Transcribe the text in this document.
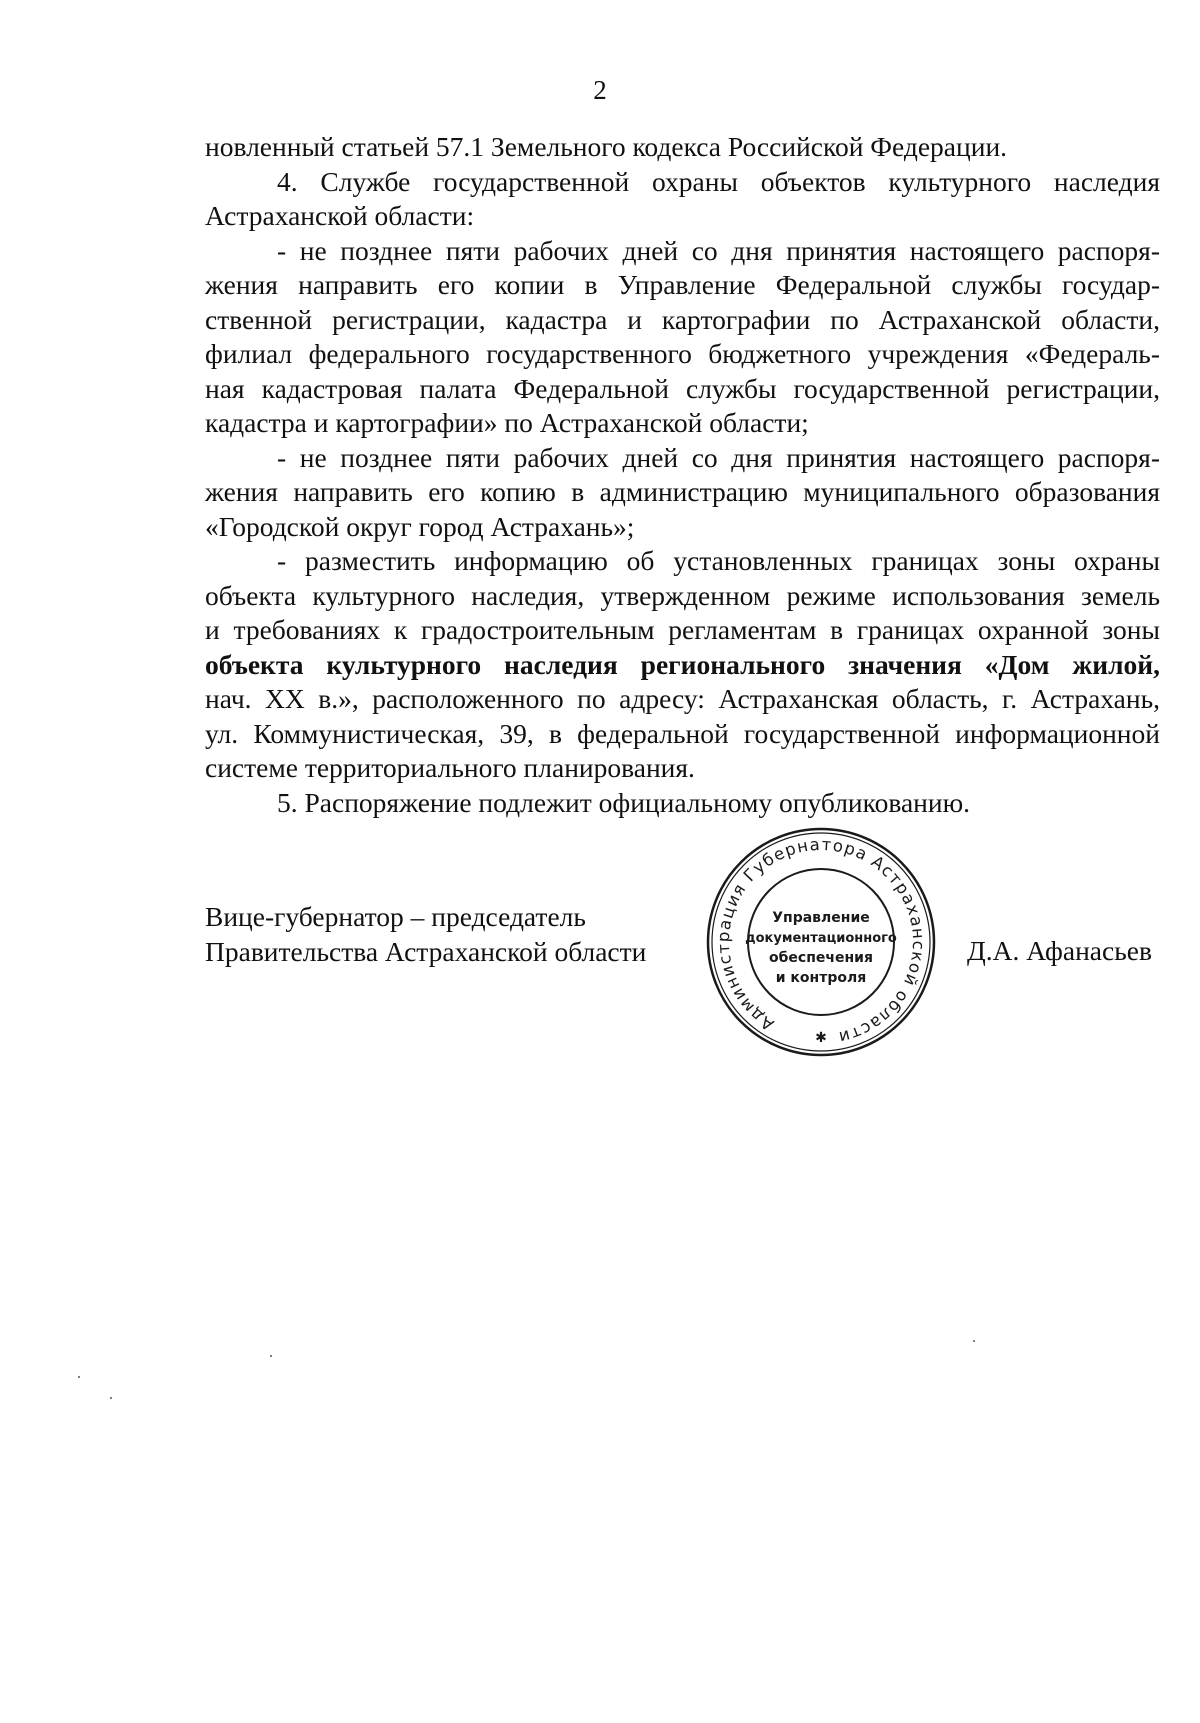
2
новленный статьей 57.1 Земельного кодекса Российской Федерации.
4. Службе государственной охраны объектов культурного наследия
Астраханской области:
- не позднее пяти рабочих дней со дня принятия настоящего распоря-
жения направить его копии в Управление Федеральной службы государ-
ственной регистрации, кадастра и картографии по Астраханской области,
филиал федерального государственного бюджетного учреждения «Федераль-
ная кадастровая палата Федеральной службы государственной регистрации,
кадастра и картографии» по Астраханской области;
- не позднее пяти рабочих дней со дня принятия настоящего распоря-
жения направить его копию в администрацию муниципального образования
«Городской округ город Астрахань»;
- разместить информацию об установленных границах зоны охраны
объекта культурного наследия, утвержденном режиме использования земель
и требованиях к градостроительным регламентам в границах охранной зоны
объекта культурного наследия регионального значения «Дом жилой,
нач. XX в.», расположенного по адресу: Астраханская область, г. Астрахань,
ул. Коммунистическая, 39, в федеральной государственной информационной
системе территориального планирования.
5. Распоряжение подлежит официальному опубликованию.
Вице-губернатор – председатель
Правительства Астраханской области	Д.А. Афанасьев
Администрация Губернатора Астраханской области
✱
Управление
документационного
обеспечения
и контроля
